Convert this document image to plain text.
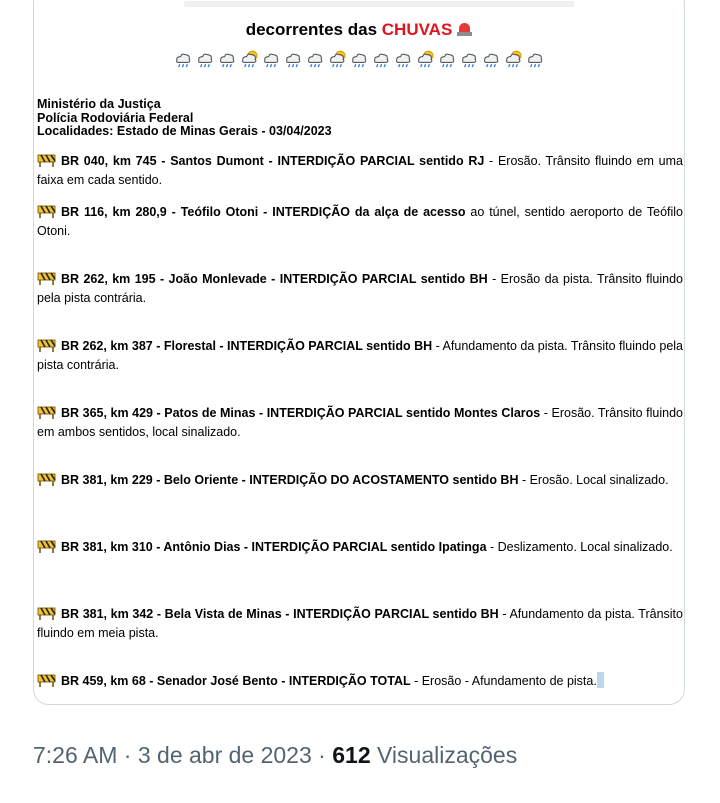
decorrentes das CHUVAS
Ministério da Justiça
Polícia Rodoviária Federal
Localidades: Estado de Minas Gerais - 03/04/2023
BR 040, km 745 - Santos Dumont - INTERDIÇÃO PARCIAL sentido RJ - Erosão. Trânsito fluindo em uma faixa em cada sentido.
BR 116, km 280,9 - Teófilo Otoni - INTERDIÇÃO da alça de acesso ao túnel, sentido aeroporto de Teófilo Otoni.
BR 262, km 195 - João Monlevade - INTERDIÇÃO PARCIAL sentido BH - Erosão da pista. Trânsito fluindo pela pista contrária.
BR 262, km 387 - Florestal - INTERDIÇÃO PARCIAL sentido BH - Afundamento da pista. Trânsito fluindo pela pista contrária.
BR 365, km 429 - Patos de Minas - INTERDIÇÃO PARCIAL sentido Montes Claros - Erosão. Trânsito fluindo em ambos sentidos, local sinalizado.
BR 381, km 229 - Belo Oriente - INTERDIÇÃO DO ACOSTAMENTO sentido BH - Erosão. Local sinalizado.
BR 381, km 310 - Antônio Dias - INTERDIÇÃO PARCIAL sentido Ipatinga - Deslizamento. Local sinalizado.
BR 381, km 342 - Bela Vista de Minas - INTERDIÇÃO PARCIAL sentido BH - Afundamento da pista. Trânsito fluindo em meia pista.
BR 459, km 68 - Senador José Bento - INTERDIÇÃO TOTAL - Erosão - Afundamento de pista.
7:26 AM · 3 de abr de 2023 · 612 Visualizações
